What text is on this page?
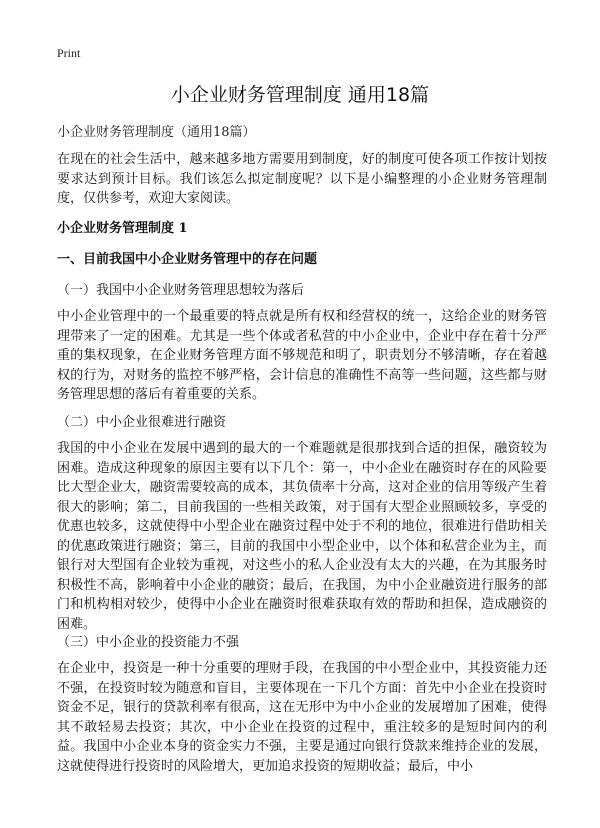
Print
小企业财务管理制度 通用18篇
小企业财务管理制度（通用18篇）

在现在的社会生活中，越来越多地方需要用到制度，好的制度可使各项工作按计划按要求达到预计目标。我们该怎么拟定制度呢？以下是小编整理的小企业财务管理制度，仅供参考，欢迎大家阅读。

小企业财务管理制度 1
一、目前我国中小企业财务管理中的存在问题
（一）我国中小企业财务管理思想较为落后

中小企业管理中的一个最重要的特点就是所有权和经营权的统一，这给企业的财务管理带来了一定的困难。尤其是一些个体或者私营的中小企业中，企业中存在着十分严重的集权现象，在企业财务管理方面不够规范和明了，职责划分不够清晰，存在着越权的行为，对财务的监控不够严格，会计信息的准确性不高等一些问题，这些都与财务管理思想的落后有着重要的关系。

（二）中小企业很难进行融资

我国的中小企业在发展中遇到的最大的一个难题就是很那找到合适的担保，融资较为困难。造成这种现象的原因主要有以下几个：第一，中小企业在融资时存在的风险要比大型企业大，融资需要较高的成本，其负债率十分高，这对企业的信用等级产生着很大的影响；第二，目前我国的一些相关政策，对于国有大型企业照顾较多，享受的优惠也较多，这就使得中小型企业在融资过程中处于不利的地位，很难进行借助相关的优惠政策进行融资；第三，目前的我国中小型企业中，以个体和私营企业为主，而银行对大型国有企业较为重视，对这些小的私人企业没有太大的兴趣，在为其服务时积极性不高，影响着中小企业的融资；最后，在我国，为中小企业融资进行服务的部门和机构相对较少，使得中小企业在融资时很难获取有效的帮助和担保，造成融资的困难。

（三）中小企业的投资能力不强

在企业中，投资是一种十分重要的理财手段，在我国的中小型企业中，其投资能力还不强，在投资时较为随意和盲目，主要体现在一下几个方面：首先中小企业在投资时资金不足，银行的贷款利率有很高，这在无形中为中小企业的发展增加了困难，使得其不敢轻易去投资；其次，中小企业在投资的过程中，重注较多的是短时间内的利益。我国中小企业本身的资金实力不强，主要是通过向银行贷款来维持企业的发展，这就使得进行投资时的风险增大，更加追求投资的短期收益；最后，中小
